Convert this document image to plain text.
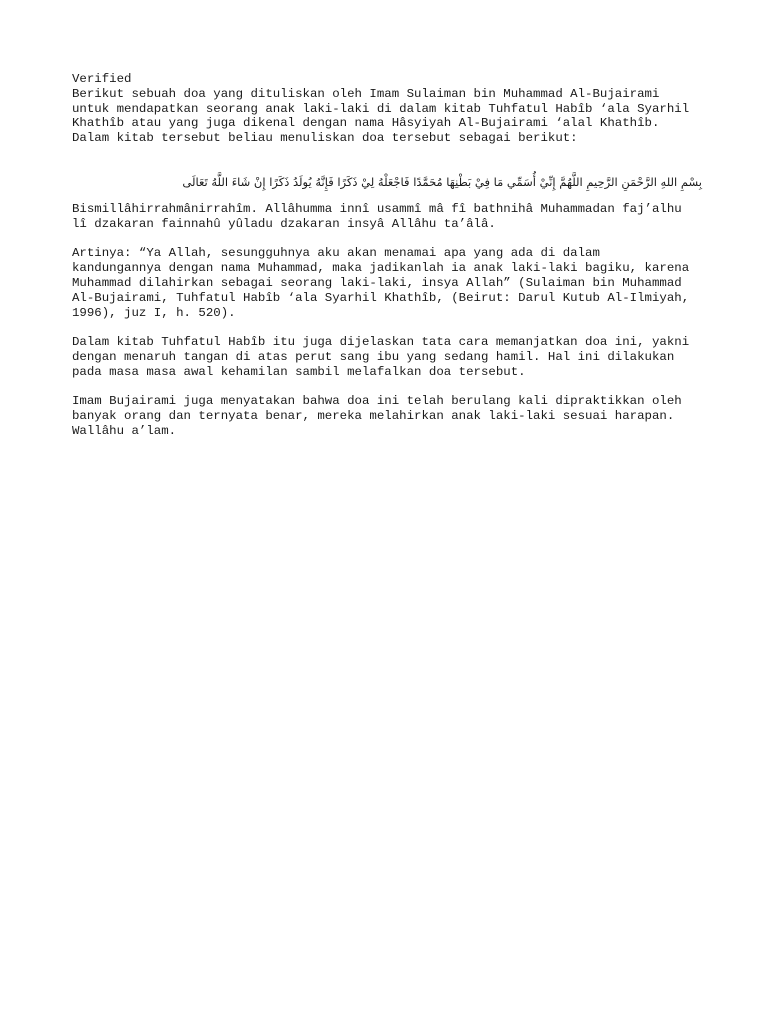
Verified

Berikut sebuah doa yang dituliskan oleh Imam Sulaiman bin Muhammad Al-Bujairami

untuk mendapatkan seorang anak laki-laki di dalam kitab Tuhfatul Habîb ‘ala Syarhil

Khathîb atau yang juga dikenal dengan nama Hâsyiyah Al-Bujairami ‘alal Khathîb.

Dalam kitab tersebut beliau menuliskan doa tersebut sebagai berikut:

بِسْمِ اللهِ الرَّحْمَنِ الرَّحِيمِ اللَّهُمَّ إِنِّيْ أُسَمِّي مَا فِيْ بَطْنِهَا مُحَمَّدًا فَاجْعَلْهُ لِيْ ذَكَرًا فَإِنَّهُ يُولَدُ ذَكَرًا إِنْ شَاءَ اللَّهُ تَعَالَى

Bismillâhirrahmânirrahîm. Allâhumma innî usammî mâ fî bathnihâ Muhammadan faj’alhu

lî dzakaran fainnahû yûladu dzakaran insyâ Allâhu ta’âlâ.

Artinya: “Ya Allah, sesungguhnya aku akan menamai apa yang ada di dalam

kandungannya dengan nama Muhammad, maka jadikanlah ia anak laki-laki bagiku, karena

Muhammad dilahirkan sebagai seorang laki-laki, insya Allah” (Sulaiman bin Muhammad

Al-Bujairami, Tuhfatul Habîb ‘ala Syarhil Khathîb, (Beirut: Darul Kutub Al-Ilmiyah,

1996), juz I, h. 520).

Dalam kitab Tuhfatul Habîb itu juga dijelaskan tata cara memanjatkan doa ini, yakni

dengan menaruh tangan di atas perut sang ibu yang sedang hamil. Hal ini dilakukan

pada masa masa awal kehamilan sambil melafalkan doa tersebut.

Imam Bujairami juga menyatakan bahwa doa ini telah berulang kali dipraktikkan oleh

banyak orang dan ternyata benar, mereka melahirkan anak laki-laki sesuai harapan.

Wallâhu a’lam.
